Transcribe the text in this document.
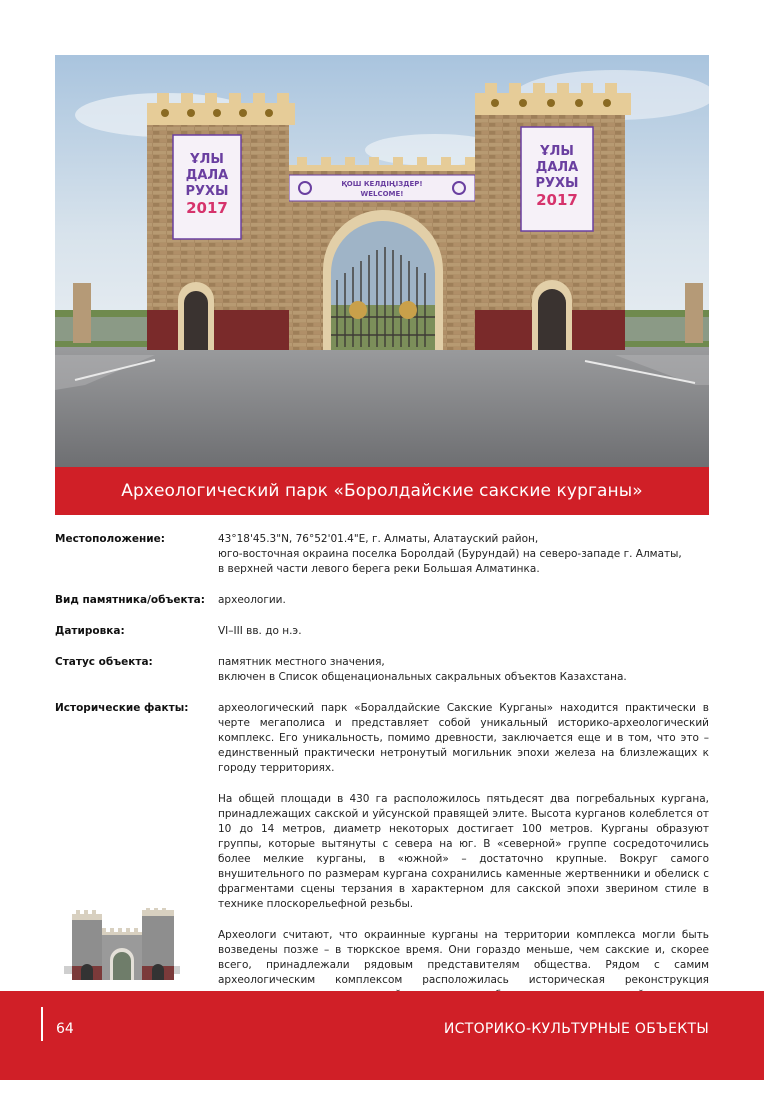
ҚОШ КЕЛДІҢІЗДЕР!
WELCOME!
ҰЛЫ
ДАЛА
РУХЫ
2017
ҰЛЫ
ДАЛА
РУХЫ
2017
Археологический парк «Боролдайские сакские курганы»
Местоположение:	43°18'45.3"N, 76°52'01.4"E, г. Алматы, Алатауский район,
юго-восточная окраина поселка Боролдай (Бурундай) на северо-западе г. Алматы,
в верхней части левого берега реки Большая Алматинка.
Вид памятника/объекта:	археологии.
Датировка:	VI–III вв. до н.э.
Статус объекта:	памятник местного значения,
включен в Список общенациональных сакральных объектов Казахстана.
Исторические факты:	археологический парк «Боралдайские Сакские Курганы» находится практически в черте мегаполиса и представляет собой уникальный историко-археологический комплекс. Его уникальность, помимо древности, заключается еще и в том, что это – единственный практически нетронутый могильник эпохи железа на близлежащих к городу территориях.

На общей площади в 430 га расположилось пятьдесят два погребальных кургана, принадлежащих сакской и уйсунской правящей элите. Высота курганов колеблется от 10 до 14 метров, диаметр некоторых достигает 100 метров. Курганы образуют группы, которые вытянуты с севера на юг. В «северной» группе сосредоточились более мелкие курганы, в «южной» – достаточно крупные. Вокруг самого внушительного по размерам кургана сохранились каменные жертвенники и обелиск с фрагментами сцены терзания в характерном для сакской эпохи зверином стиле в технике плоскорельефной резьбы.

Археологи считают, что окраинные курганы на территории комплекса могли быть возведены позже – в тюркское время. Они гораздо меньше, чем сакские и, скорее всего, принадлежали рядовым представителям общества. Рядом с самим археологическим комплексом расположилась историческая реконструкция

64	ИСТОРИКО-КУЛЬТУРНЫЕ ОБЪЕКТЫ
